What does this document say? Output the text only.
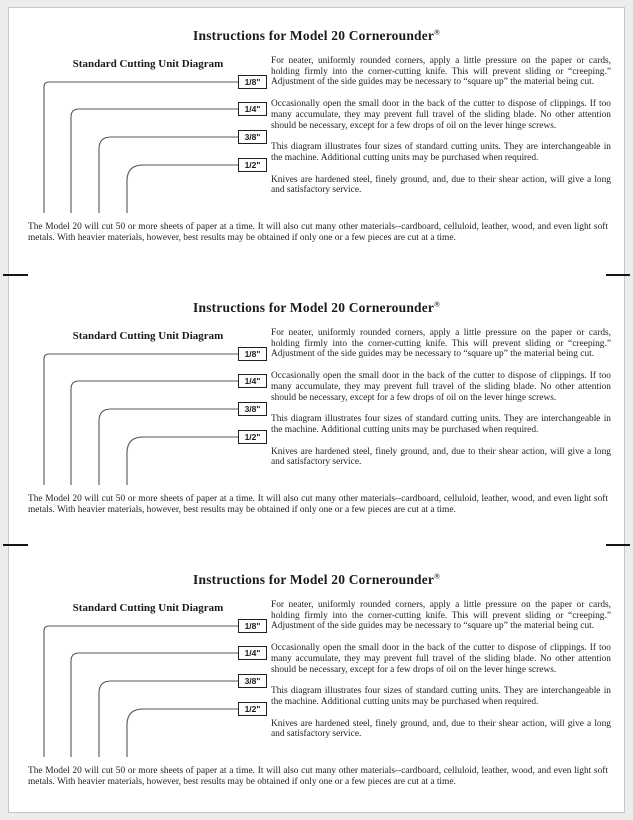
Instructions for Model 20 Cornerounder®
Standard Cutting Unit Diagram
1/8"
1/4"
3/8"
1/2"

For neater, uniformly rounded corners, apply a little pressure on the paper or cards, holding firmly into the corner-cutting knife. This will prevent sliding or “creeping.” Adjustment of the side guides may be necessary to “square up” the material being cut.

Occasionally open the small door in the back of the cutter to dispose of clippings. If too many accumulate, they may prevent full travel of the sliding blade. No other attention should be necessary, except for a few drops of oil on the lever hinge screws.

This diagram illustrates four sizes of standard cutting units. They are interchangeable in the machine. Additional cutting units may be purchased when required.

Knives are hardened steel, finely ground, and, due to their shear action, will give a long and satisfactory service.

The Model 20 will cut 50 or more sheets of paper at a time. It will also cut many other materials--cardboard, celluloid, leather, wood, and even light soft metals. With heavier materials, however, best results may be obtained if only one or a few pieces are cut at a time.
Instructions for Model 20 Cornerounder®
Standard Cutting Unit Diagram
1/8"
1/4"
3/8"
1/2"

For neater, uniformly rounded corners, apply a little pressure on the paper or cards, holding firmly into the corner-cutting knife. This will prevent sliding or “creeping.” Adjustment of the side guides may be necessary to “square up” the material being cut.

Occasionally open the small door in the back of the cutter to dispose of clippings. If too many accumulate, they may prevent full travel of the sliding blade. No other attention should be necessary, except for a few drops of oil on the lever hinge screws.

This diagram illustrates four sizes of standard cutting units. They are interchangeable in the machine. Additional cutting units may be purchased when required.

Knives are hardened steel, finely ground, and, due to their shear action, will give a long and satisfactory service.

The Model 20 will cut 50 or more sheets of paper at a time. It will also cut many other materials--cardboard, celluloid, leather, wood, and even light soft metals. With heavier materials, however, best results may be obtained if only one or a few pieces are cut at a time.
Instructions for Model 20 Cornerounder®
Standard Cutting Unit Diagram
1/8"
1/4"
3/8"
1/2"

For neater, uniformly rounded corners, apply a little pressure on the paper or cards, holding firmly into the corner-cutting knife. This will prevent sliding or “creeping.” Adjustment of the side guides may be necessary to “square up” the material being cut.

Occasionally open the small door in the back of the cutter to dispose of clippings. If too many accumulate, they may prevent full travel of the sliding blade. No other attention should be necessary, except for a few drops of oil on the lever hinge screws.

This diagram illustrates four sizes of standard cutting units. They are interchangeable in the machine. Additional cutting units may be purchased when required.

Knives are hardened steel, finely ground, and, due to their shear action, will give a long and satisfactory service.

The Model 20 will cut 50 or more sheets of paper at a time. It will also cut many other materials--cardboard, celluloid, leather, wood, and even light soft metals. With heavier materials, however, best results may be obtained if only one or a few pieces are cut at a time.
